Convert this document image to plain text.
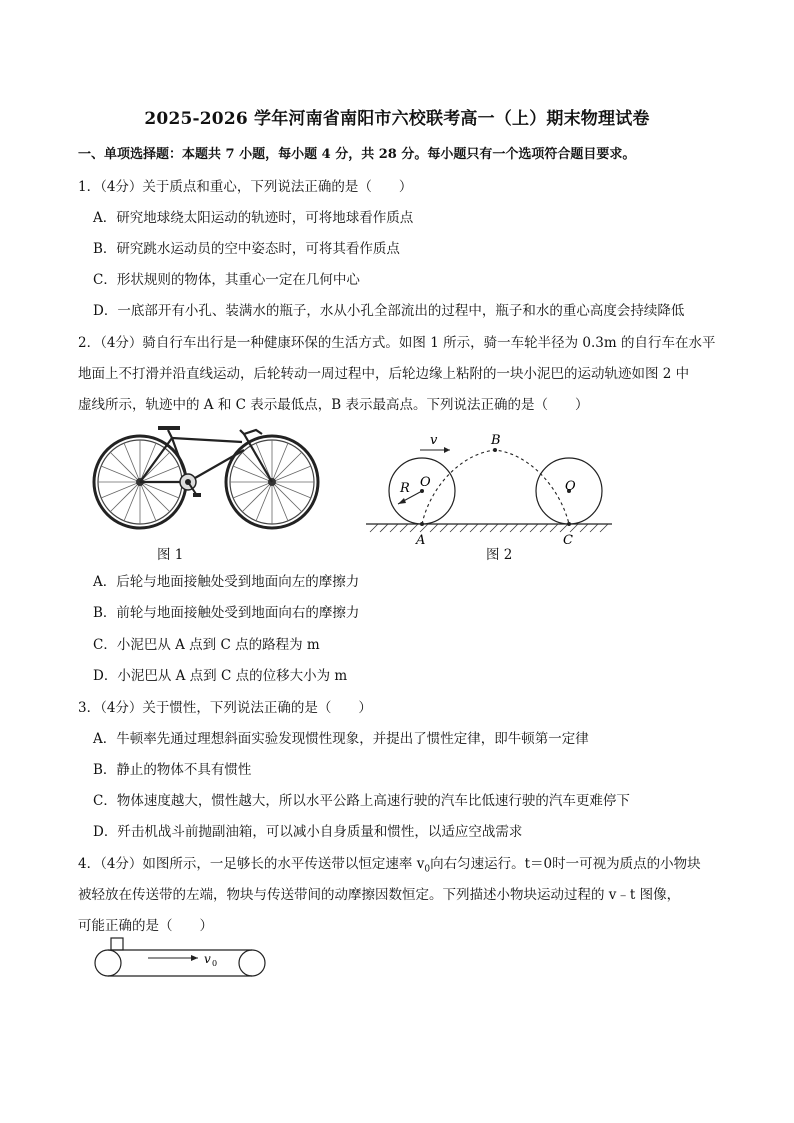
2025-2026 学年河南省南阳市六校联考高一（上）期末物理试卷
一、单项选择题：本题共 7 小题，每小题 4 分，共 28 分。每小题只有一个选项符合题目要求。
1．（4分）关于质点和重心，下列说法正确的是（　　）
A．研究地球绕太阳运动的轨迹时，可将地球看作质点
B．研究跳水运动员的空中姿态时，可将其看作质点
C．形状规则的物体，其重心一定在几何中心
D．一底部开有小孔、装满水的瓶子，水从小孔全部流出的过程中，瓶子和水的重心高度会持续降低
2．（4分）骑自行车出行是一种健康环保的生活方式。如图 1 所示，骑一车轮半径为 0.3m 的自行车在水平
地面上不打滑并沿直线运动，后轮转动一周过程中，后轮边缘上粘附的一块小泥巴的运动轨迹如图 2 中
虚线所示，轨迹中的 A 和 C 表示最低点，B 表示最高点。下列说法正确的是（　　）
图 1
v	B
R O	O
A	C
图 2
A．后轮与地面接触处受到地面向左的摩擦力
B．前轮与地面接触处受到地面向右的摩擦力
C．小泥巴从 A 点到 C 点的路程为 m
D．小泥巴从 A 点到 C 点的位移大小为 m
3．（4分）关于惯性，下列说法正确的是（　　）
A．牛顿率先通过理想斜面实验发现惯性现象，并提出了惯性定律，即牛顿第一定律
B．静止的物体不具有惯性
C．物体速度越大，惯性越大，所以水平公路上高速行驶的汽车比低速行驶的汽车更难停下
D．歼击机战斗前抛副油箱，可以减小自身质量和惯性，以适应空战需求
4．（4分）如图所示，一足够长的水平传送带以恒定速率 $v_0$向右匀速运行。t＝0时一可视为质点的小物块
被轻放在传送带的左端，物块与传送带间的动摩擦因数恒定。下列描述小物块运动过程的 v﹣t 图像，
可能正确的是（　　）
v 0
